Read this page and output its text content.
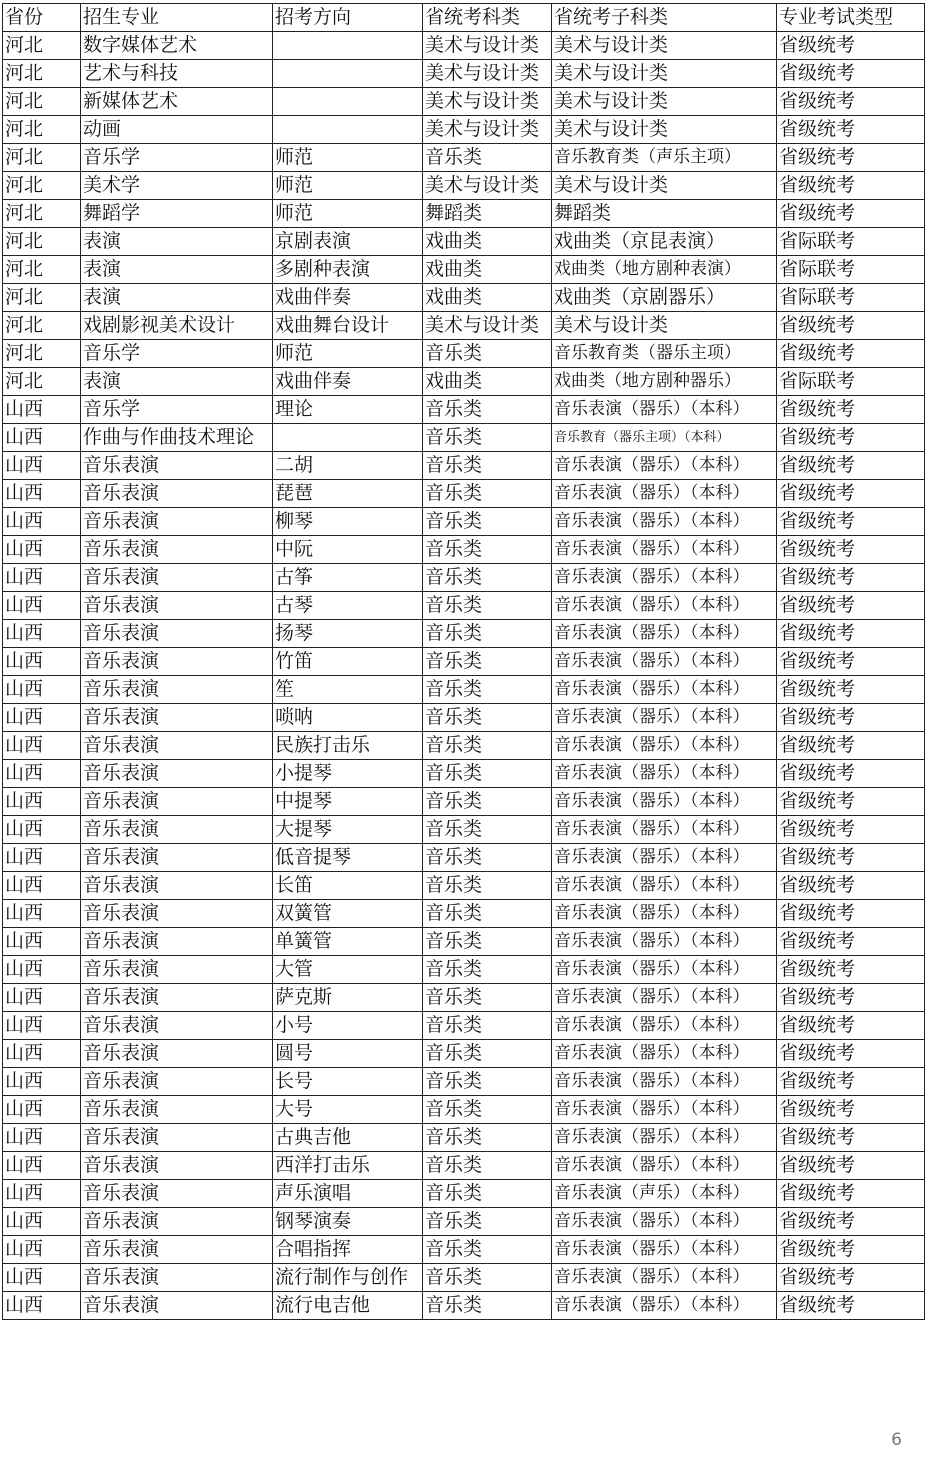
省份	招生专业	招考方向	省统考科类	省统考子科类	专业考试类型
河北	数字媒体艺术		美术与设计类	美术与设计类	省级统考
河北	艺术与科技		美术与设计类	美术与设计类	省级统考
河北	新媒体艺术		美术与设计类	美术与设计类	省级统考
河北	动画		美术与设计类	美术与设计类	省级统考
河北	音乐学	师范	音乐类	音乐教育类（声乐主项）	省级统考
河北	美术学	师范	美术与设计类	美术与设计类	省级统考
河北	舞蹈学	师范	舞蹈类	舞蹈类	省级统考
河北	表演	京剧表演	戏曲类	戏曲类（京昆表演）	省际联考
河北	表演	多剧种表演	戏曲类	戏曲类（地方剧种表演）	省际联考
河北	表演	戏曲伴奏	戏曲类	戏曲类（京剧器乐）	省际联考
河北	戏剧影视美术设计	戏曲舞台设计	美术与设计类	美术与设计类	省级统考
河北	音乐学	师范	音乐类	音乐教育类（器乐主项）	省级统考
河北	表演	戏曲伴奏	戏曲类	戏曲类（地方剧种器乐）	省际联考
山西	音乐学	理论	音乐类	音乐表演（器乐）（本科）	省级统考
山西	作曲与作曲技术理论		音乐类	音乐教育（器乐主项）（本科）	省级统考
山西	音乐表演	二胡	音乐类	音乐表演（器乐）（本科）	省级统考
山西	音乐表演	琵琶	音乐类	音乐表演（器乐）（本科）	省级统考
山西	音乐表演	柳琴	音乐类	音乐表演（器乐）（本科）	省级统考
山西	音乐表演	中阮	音乐类	音乐表演（器乐）（本科）	省级统考
山西	音乐表演	古筝	音乐类	音乐表演（器乐）（本科）	省级统考
山西	音乐表演	古琴	音乐类	音乐表演（器乐）（本科）	省级统考
山西	音乐表演	扬琴	音乐类	音乐表演（器乐）（本科）	省级统考
山西	音乐表演	竹笛	音乐类	音乐表演（器乐）（本科）	省级统考
山西	音乐表演	笙	音乐类	音乐表演（器乐）（本科）	省级统考
山西	音乐表演	唢呐	音乐类	音乐表演（器乐）（本科）	省级统考
山西	音乐表演	民族打击乐	音乐类	音乐表演（器乐）（本科）	省级统考
山西	音乐表演	小提琴	音乐类	音乐表演（器乐）（本科）	省级统考
山西	音乐表演	中提琴	音乐类	音乐表演（器乐）（本科）	省级统考
山西	音乐表演	大提琴	音乐类	音乐表演（器乐）（本科）	省级统考
山西	音乐表演	低音提琴	音乐类	音乐表演（器乐）（本科）	省级统考
山西	音乐表演	长笛	音乐类	音乐表演（器乐）（本科）	省级统考
山西	音乐表演	双簧管	音乐类	音乐表演（器乐）（本科）	省级统考
山西	音乐表演	单簧管	音乐类	音乐表演（器乐）（本科）	省级统考
山西	音乐表演	大管	音乐类	音乐表演（器乐）（本科）	省级统考
山西	音乐表演	萨克斯	音乐类	音乐表演（器乐）（本科）	省级统考
山西	音乐表演	小号	音乐类	音乐表演（器乐）（本科）	省级统考
山西	音乐表演	圆号	音乐类	音乐表演（器乐）（本科）	省级统考
山西	音乐表演	长号	音乐类	音乐表演（器乐）（本科）	省级统考
山西	音乐表演	大号	音乐类	音乐表演（器乐）（本科）	省级统考
山西	音乐表演	古典吉他	音乐类	音乐表演（器乐）（本科）	省级统考
山西	音乐表演	西洋打击乐	音乐类	音乐表演（器乐）（本科）	省级统考
山西	音乐表演	声乐演唱	音乐类	音乐表演（声乐）（本科）	省级统考
山西	音乐表演	钢琴演奏	音乐类	音乐表演（器乐）（本科）	省级统考
山西	音乐表演	合唱指挥	音乐类	音乐表演（器乐）（本科）	省级统考
山西	音乐表演	流行制作与创作	音乐类	音乐表演（器乐）（本科）	省级统考
山西	音乐表演	流行电吉他	音乐类	音乐表演（器乐）（本科）	省级统考
6
